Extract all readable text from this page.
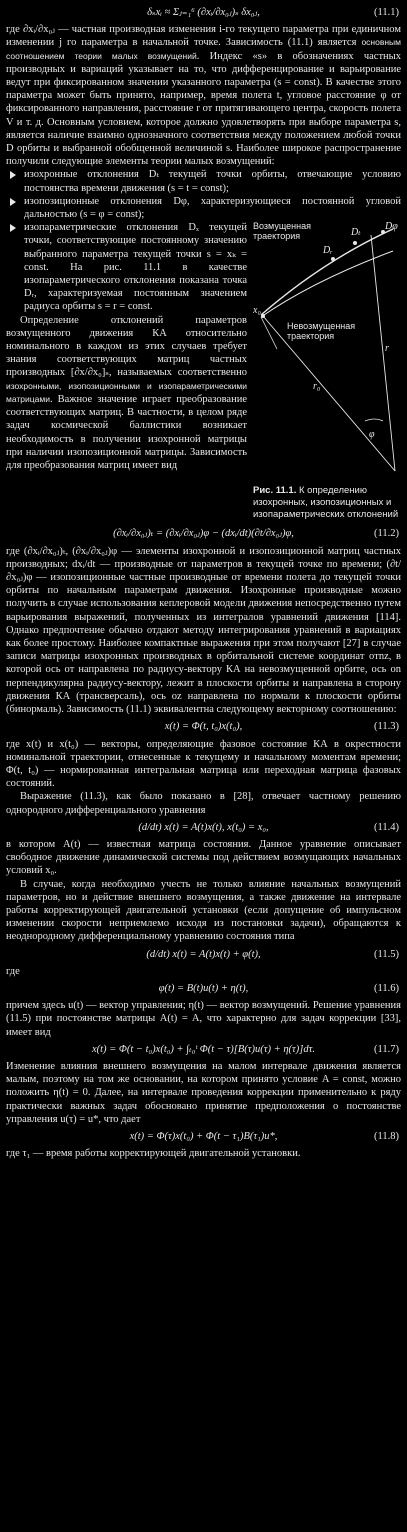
δₛxᵢ ≈ Σⱼ₌₁⁶ (∂xᵢ/∂x₀ⱼ)ₛ δx₀ⱼ,	(11.1)

где ∂xᵢ/∂x₀ⱼ — частная производная изменения i-го текущего параметра при единичном изменении j го параметра в начальной точке. Зависимость (11.1) является основным соотношением теории малых возмущений. Индекс «s» в обозначениях частных производных и вариаций указывает на то, что дифференцирование и варьирование ведут при фиксированном значении указанного параметра (s = const). В качестве этого параметра может быть принято, например, время полета t, угловое расстояние φ от фиксированного направления, расстояние r от притягивающего центра, скорость полета V и т. д. Основным условием, которое должно удовлетворять при выборе параметра s, является наличие взаимно однозначного соответствия между положением любой точки D орбиты и выбранной обобщенной величиной s. Наиболее широкое распространение получили следующие элементы теории малых возмущений:

изохронные отклонения Dₜ текущей точки орбиты, отвечающие условию постоянства времени движения (s = t = const);
изопозиционные отклонения Dφ, характеризующиеся постоянной угловой дальностью (s = φ = const);
Dₜ
Dφ
Dᵣ
x₀
r
r₀
φ
Возмущенная траектория
Невозмущенная траектория
Рис. 11.1. К определению изохронных, изопозиционных и изопараметрических отклонений
изопараметрические отклонения Dₓ текущей точки, соответствующие постоянному значению выбранного параметра текущей точки s = xₖ = const. На рис. 11.1 в качестве изопараметрического отклонения показана точка Dᵣ, характеризуемая постоянным значением радиуса орбиты s = r = const.

Определение отклонений параметров возмущенного движения КА относительно номинального в каждом из этих случаев требует знания соответствующих матриц частных производных [∂x/∂x₀]ₛ, называемых соответственно изохронными, изопозиционными и изопараметрическими матрицами. Важное значение играет преобразование соответствующих матриц. В частности, в целом ряде задач космической баллистики возникает необходимость в получении изохронной матрицы при наличии изопозиционной матрицы. Зависимость для преобразования матриц имеет вид

(∂xᵢ/∂x₀ⱼ)ₜ = (∂xᵢ/∂x₀ⱼ)φ − (dxᵢ/dt)(∂t/∂x₀ⱼ)φ,	(11.2)

где (∂xᵢ/∂x₀ⱼ)ₜ, (∂xᵢ/∂x₀ⱼ)φ — элементы изохронной и изопозиционной матриц частных производных; dxᵢ/dt — производные от параметров в текущей точке по времени; (∂t/∂x₀ⱼ)φ — изопозиционные частные производные от времени полета до текущей точки орбиты по начальным параметрам движения. Изохронные производные можно получить в случае использования кеплеровой модели движения непосредственно путем варьирования выражений, полученных из интегралов уравнений движения [114]. Однако предпочтение обычно отдают методу интегрирования уравнений в вариациях как более простому. Наиболее компактные выражения при этом получают [27] в случае записи матрицы изохронных производных в орбитальной системе координат oтnz, в которой ось oт направлена по радиусу-вектору КА на невозмущенной орбите, ось on перпендикулярна радиусу-вектору, лежит в плоскости орбиты и направлена в сторону движения КА (трансверсаль), ось oz направлена по нормали к плоскости орбиты (бинормаль). Зависимость (11.1) эквивалентна следующему векторному соотношению:

x(t) = Φ(t, t₀)x(t₀),	(11.3)

где x(t) и x(t₀) — векторы, определяющие фазовое состояние КА в окрестности номинальной траектории, отнесенные к текущему и начальному моментам времени; Φ(t, t₀) — нормированная интегральная матрица или переходная матрица фазовых состояний.

Выражение (11.3), как было показано в [28], отвечает частному решению однородного дифференциального уравнения

(d/dt) x(t) = A(t)x(t), x(t₀) = x₀,	(11.4)

в котором A(t) — известная матрица состояния. Данное уравнение описывает свободное движение динамической системы под действием возмущающих начальных условий x₀.

В случае, когда необходимо учесть не только влияние начальных возмущений параметров, но и действие внешнего возмущения, а также движение на интервале работы корректирующей двигательной установки (если допущение об импульсном изменении скорости неприемлемо исходя из постановки задачи), обращаются к неоднородному дифференциальному уравнению состояния типа

(d/dt) x(t) = A(t)x(t) + φ(t),	(11.5)

где

φ(t) = B(t)u(t) + η(t),	(11.6)

причем здесь u(t) — вектор управления; η(t) — вектор возмущений. Решение уравнения (11.5) при постоянстве матрицы A(t) = A, что характерно для задач коррекции [33], имеет вид

x(t) = Φ(t − t₀)x(t₀) + ∫ₜ₀ᵗ Φ(t − τ)[B(τ)u(τ) + η(τ)]dτ.	(11.7)

Изменение влияния внешнего возмущения на малом интервале движения является малым, поэтому на том же основании, на котором принято условие A = const, можно положить η(t) = 0. Далее, на интервале проведения коррекции применительно к ряду практически важных задач обосновано принятие предположения о постоянстве управления u(τ) = u*, что дает

x(t) = Φ(τ)x(t₀) + Φ(t − τ₁)B(τ₁)u*,	(11.8)

где τ₁ — время работы корректирующей двигательной установки.
